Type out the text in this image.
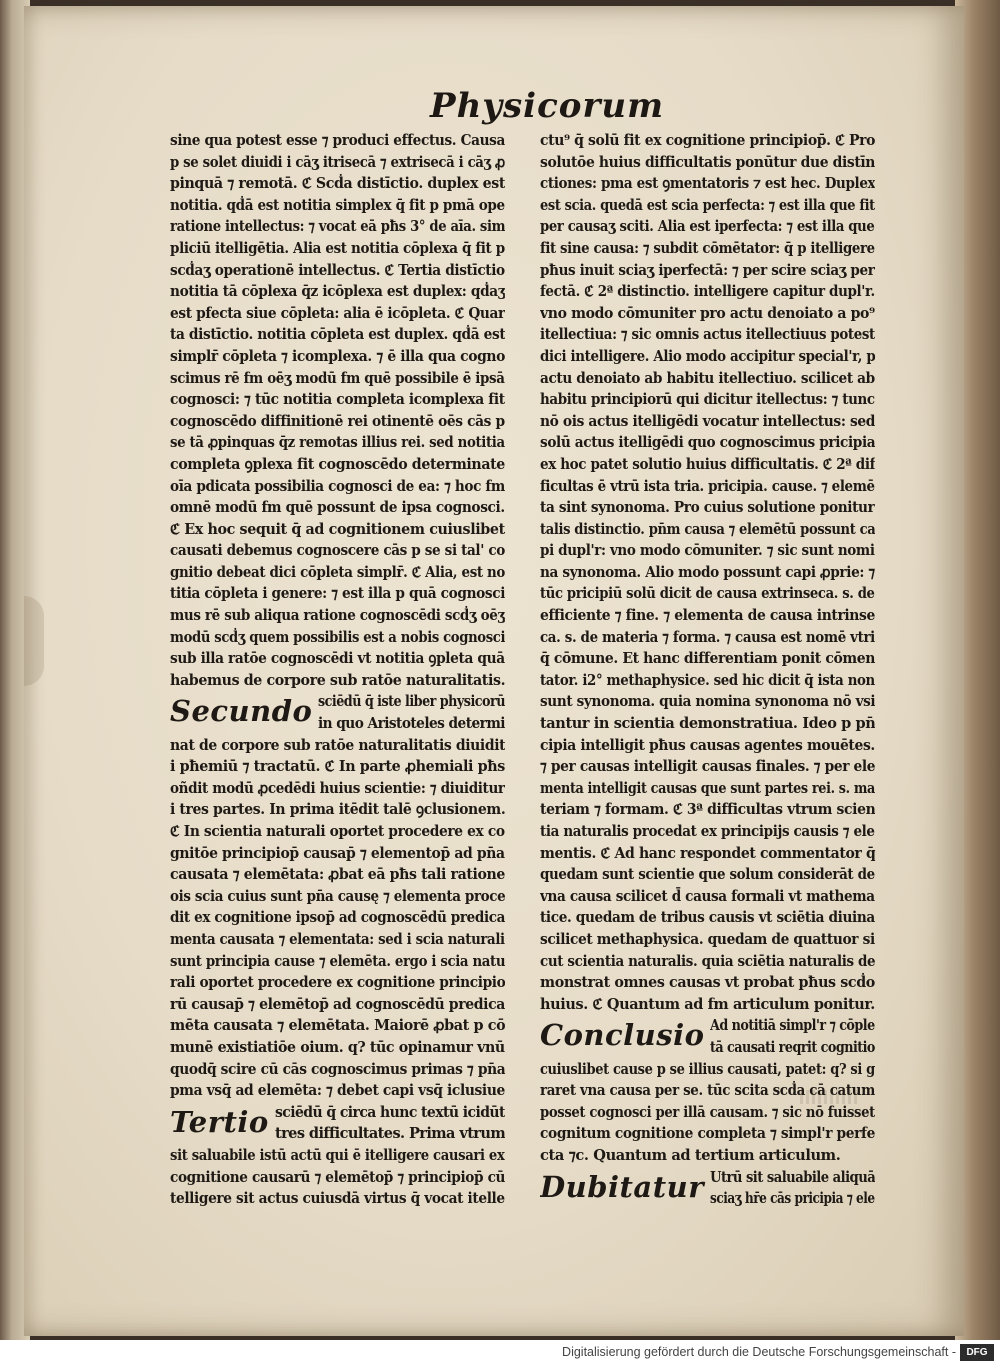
Physicorum
sine qua potest esse ⁊ produci effectus. Causa
p se solet diuidi i cāʒ itrisecā ⁊ extrisecā i cāʒ ꝓ
pinquā ⁊ remotā. ℭ Scḋa distīctio. duplex est
notitia. qḋā est notitia simplex q̄ fit p pmā ope
ratione intellectus: ⁊ vocat eā pħs 3° de aīa. sim
pliciū itelligētia. Alia est notitia cōplexa q̄ fit p
scḋaʒ operationē intellectus. ℭ Tertia distīctio
notitia tā cōplexa q̄z icōplexa est duplex: qḋaʒ
est pfecta siue cōpleta: alia ē icōpleta. ℭ Quar
ta distīctio. notitia cōpleta est duplex. qḋā est
simplr̄ cōpleta ⁊ icomplexa. ⁊ ē illa qua cogno
scimus rē fm oēʒ modū fm quē possibile ē ipsā
cognosci: ⁊ tūc notitia completa icomplexa fit
cognoscēdo diffinitionē rei otinentē oēs cās p
se tā ꝓpinquas q̄z remotas illius rei. sed notitia
completa ꝯplexa fit cognoscēdo determinate
oīa pdicata possibilia cognosci de ea: ⁊ hoc fm
omnē modū fm quē possunt de ipsa cognosci.
ℭ Ex hoc sequit q̄ ad cognitionem cuiuslibet
causati debemus cognoscere cās p se si tal' co
gnitio debeat dici cōpleta simplr̄. ℭ Alia, est no
titia cōpleta i genere: ⁊ est illa p quā cognosci
mus rē sub aliqua ratione cognoscēdi scḋʒ oēʒ
modū scḋʒ quem possibilis est a nobis cognosci
sub illa ratōe cognoscēdi vt notitia ꝯpleta quā
habemus de corpore sub ratōe naturalitatis.
Secundo sciēdū q̄ iste liber physicorū
in quo Aristoteles determi
nat de corpore sub ratōe naturalitatis diuidit
i pħemiū ⁊ tractatū. ℭ In parte ꝓhemiali pħs
oñdit modū ꝓcedēdi huius scientie: ⁊ diuiditur
i tres partes. In prima itēdit talē ꝯclusionem.
ℭ In scientia naturali oportet procedere ex co
gnitōe principiop̄ causap̄ ⁊ elementop̄ ad pn̄a
causata ⁊ elemētata: ꝓbat eā pħs tali ratione
ois scia cuius sunt pn̄a causę ⁊ elementa proce
dit ex cognitione ipsop̄ ad cognoscēdū predica
menta causata ⁊ elementata: sed i scia naturali
sunt principia cause ⁊ elemēta. ergo i scia natu
rali oportet procedere ex cognitione principio
rū causap̄ ⁊ elemētop̄ ad cognoscēdū predica
mēta causata ⁊ elemētata. Maiorē ꝓbat p cō
munē existiatiōe oium. q? tūc opinamur vnū
quodq̄ scire cū cās cognoscimus primas ⁊ pn̄a
pma vsq̄ ad elemēta: ⁊ debet capi vsq̄ iclusiue
Tertio sciēdū q̄ circa hunc textū icidūt
tres difficultates. Prima vtrum
sit saluabile istū actū qui ē itelligere causari ex
cognitione causarū ⁊ elemētop̄ ⁊ principiop̄ cū
telligere sit actus cuiusdā virtus q̄ vocat itelle
ctu⁹ q̄ solū fit ex cognitione principiop̄. ℭ Pro
solutōe huius difficultatis ponūtur due distīn
ctiones: pma est ꝯmentatoris ⁊ est hec. Duplex
est scia. quedā est scia perfecta: ⁊ est illa que fit
per causaʒ sciti. Alia est iperfecta: ⁊ est illa que
fit sine causa: ⁊ subdit cōmētator: q̄ p itelligere
pħus inuit sciaʒ iperfectā: ⁊ per scire sciaʒ per
fectā. ℭ 2ª distinctio. intelligere capitur dupl'r.
vno modo cōmuniter pro actu denoiato a po⁹
itellectiua: ⁊ sic omnis actus itellectiuus potest
dici intelligere. Alio modo accipitur special'r, p
actu denoiato ab habitu itellectiuo. scilicet ab
habitu principiorū qui dicitur itellectus: ⁊ tunc
nō ois actus itelligēdi vocatur intellectus: sed
solū actus itelligēdi quo cognoscimus pricipia
ex hoc patet solutio huius difficultatis. ℭ 2ª dif
ficultas ē vtrū ista tria. pricipia. cause. ⁊ elemē
ta sint synonoma. Pro cuius solutione ponitur
talis distinctio. pn̄m causa ⁊ elemētū possunt ca
pi dupl'r: vno modo cōmuniter. ⁊ sic sunt nomi
na synonoma. Alio modo possunt capi ꝓprie: ⁊
tūc pricipiū solū dicit de causa extrinseca. s. de
efficiente ⁊ fine. ⁊ elementa de causa intrinse
ca. s. de materia ⁊ forma. ⁊ causa est nomē vtri
q̄ cōmune. Et hanc differentiam ponit cōmen
tator. i2° methaphysice. sed hic dicit q̄ ista non
sunt synonoma. quia nomina synonoma nō vsi
tantur in scientia demonstratiua. Ideo p pn̄
cipia intelligit pħus causas agentes mouētes.
⁊ per causas intelligit causas finales. ⁊ per ele
menta intelligit causas que sunt partes rei. s. ma
teriam ⁊ formam. ℭ 3ª difficultas vtrum scien
tia naturalis procedat ex principijs causis ⁊ ele
mentis. ℭ Ad hanc respondet commentator q̄
quedam sunt scientie que solum considerāt de
vna causa scilicet d̄ causa formali vt mathema
tice. quedam de tribus causis vt sciētia diuina
scilicet methaphysica. quedam de quattuor si
cut scientia naturalis. quia sciētia naturalis de
monstrat omnes causas vt probat pħus scḋo
huius. ℭ Quantum ad fm articulum ponitur.
Conclusio Ad notitiā simpl'r ⁊ cōple
tā causati reqrit cognitio
cuiuslibet cause p se illius causati, patet: q? si g
raret vna causa per se. tūc scita scḋa cā catum
posset cognosci per illā causam. ⁊ sic nō fuisset
cognitum cognitione completa ⁊ simpl'r perfe
cta ⁊c. Quantum ad tertium articulum.
Dubitatur Utrū sit saluabile aliquā
sciaʒ hr̄e cās pricipia ⁊ ele
Digitalisierung gefördert durch die Deutsche Forschungsgemeinschaft -	DFG
